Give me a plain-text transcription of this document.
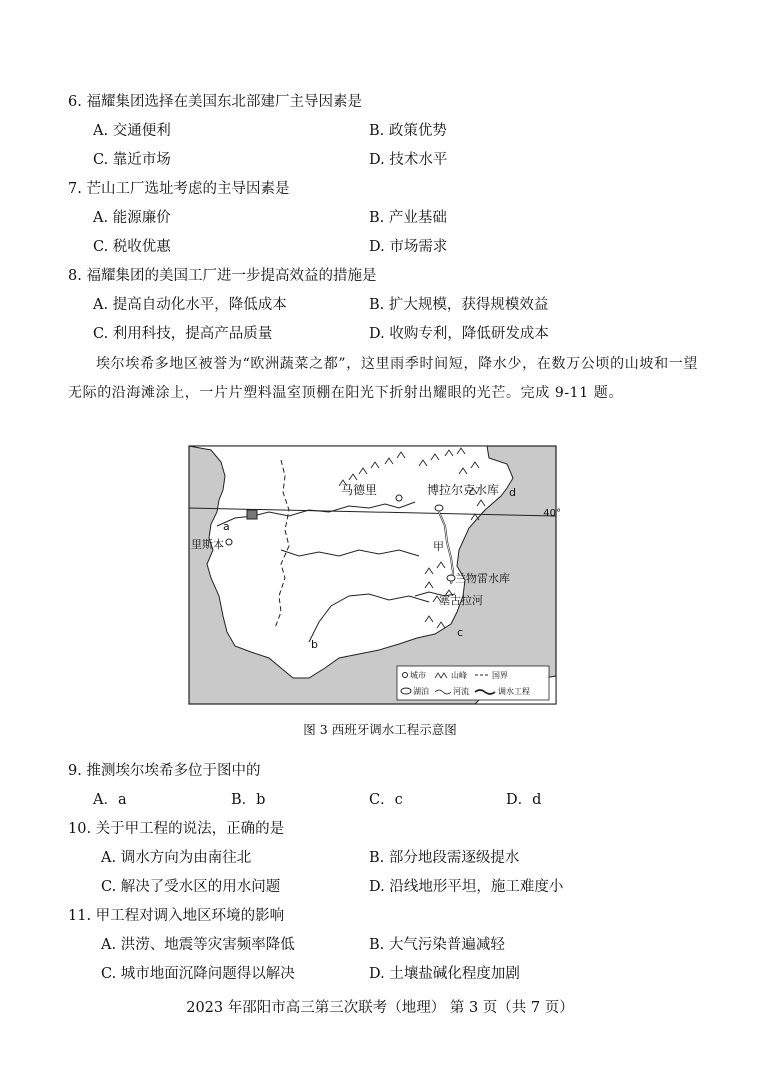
6. 福耀集团选择在美国东北部建厂主导因素是
A. 交通便利	B. 政策优势
C. 靠近市场	D. 技术水平
7. 芒山工厂选址考虑的主导因素是
A. 能源廉价	B. 产业基础
C. 税收优惠	D. 市场需求
8. 福耀集团的美国工厂进一步提高效益的措施是
A. 提高自动化水平，降低成本	B. 扩大规模，获得规模效益
C. 利用科技，提高产品质量	D. 收购专利，降低研发成本
埃尔埃希多地区被誉为“欧洲蔬菜之都”，这里雨季时间短，降水少，在数万公顷的山坡和一望无际的沿海滩涂上，一片片塑料温室顶棚在阳光下折射出耀眼的光芒。完成 9-11 题。
马德里	博拉尔克水库
里斯本	甲
兰物雷水库
塞古拉河
a
b
c
d
40°
城市	山峰	国界
湖泊	河流	调水工程
图 3 西班牙调水工程示意图
9. 推测埃尔埃希多位于图中的
A．a	B．b	C．c	D．d
10. 关于甲工程的说法，正确的是
A. 调水方向为由南往北	B. 部分地段需逐级提水
C. 解决了受水区的用水问题	D. 沿线地形平坦，施工难度小
11. 甲工程对调入地区环境的影响
A. 洪涝、地震等灾害频率降低	B. 大气污染普遍减轻
C. 城市地面沉降问题得以解决	D. 土壤盐碱化程度加剧
2023 年邵阳市高三第三次联考（地理） 第 3 页（共 7 页）
